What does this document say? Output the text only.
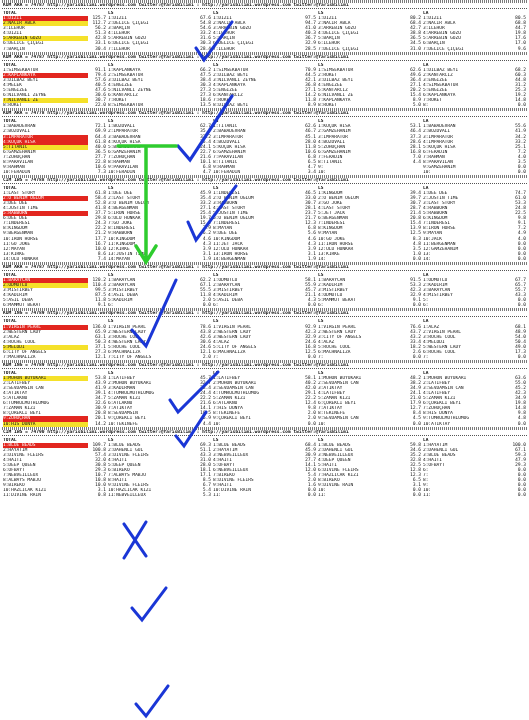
KUM ARA = 74787 http://yarisbilimi.wordpress.com twitter:@YarisBilimi : http://yarisbilimi.wordpress.com twitter:@YarisBilimi
TOTAL
1:DIZII	125.7
2:NACIR ABLA	112.7
3:ILEHUR	56.2
4:DIZII	51.3
5:ARREBIN GÖZÜ	42.8
6:DELICE ÇİÇEĞİ	33.1
7:BARÇIN	30.4
LS
1:DIZII	67.6
2:DELİCE ÇİÇEĞİ	54.8
3:BARÇIN	54.6
4:ILEHUR	33.2
5:ARREBIN GÖZÜ	31.6
6:DELICE ÇİÇEĞİ	30.3
7:ILEHUR	28.4
LS
1:DIZII	97.5
2:NACIR ABLA	94.7
3:ARREBIN GÖZÜ	41.0
4:ILEHUR	40.3
5:BARÇIN	36.7
6:DELİCE ÇİÇEĞİ	32.9
7:ILEHUR	28.5
LS
1:DIZII	80.2
2:NACIR ABLA	68.4
3:ARREBIN GÖZÜ	42.7
4:DELİCE ÇİÇEĞİ	38.8
5:BARÇIN	36.5
6:ILEHUR	34.5
7:DELİCE ÇİÇEĞİ	31.0
LA
1:DIZII	80.5
2:NACIR ABLA	68.8
3:ILEHUR	44.7
4:ARREBIN GÖZÜ	19.8
5:ARREBIN GÖZÜ	17.6
6:BARÇIN	17.0
7:DELİCE ÇİÇEĞİ	9.6
KUM ARA = 74787 http://yarisbilimi.wordpress.com twitter:@YarisBilimi : http://yarisbilimi.wordpress.com twitter:@YarisBilimi
TOTAL
1:SIMSEKBATUR	91.1
2:KAPLANKAYA	79.4
3:DILBAZ BEYI	57.6
4:MELEK	40.5
5:ENGIZEE	47.6
6:NILVANLI ZEYNE	30.6
7:NILVANLI ZE	30.7
8:ROKET	22.0
LS
1:KAPLANKAYA	66.2
2:SIMSEKBATUR	47.5
3:DILBAZ BEYI	38.4
4:ENGIZEE	30.3
5:NILVANLI ZEYNE	27.3
6:KANTARCIZ	27.3
7:ROKET	18.6
8:SIMSEKBATUR	13.5
LS
1:SIMSEKBATUR	70.9
2:DILBAZ BEYI	44.5
3:NILVANLI ZEYNE	42.1
4:KAPLANKAYA	36.8
5:ENGIZEE	27.1
6:KANTARCIZ	14.2
7:ROKET	11.8
8:DILBAZ BEYI	8.9
LS
1:SIMSEKBATUR	62.6
2:ROKET	49.6
3:DILBAZ BEYI	36.4
4:ENGIZEE	27.1
5:KANTARCIZ	20.2
6:NILVANLI ZE	15.4
7:KAPLANKAYA	8.9
8:ROKET	5.0
LA
1:DILBAZ BEYI	68.2
2:KANTARCIZ	60.3
3:ENGIZEE	44.8
4:SIMSEKBATUR	31.2
5:ENGIZEE	25.3
6:KAPLANKAYA	19.2
7:ROKET	14.8
8:	0.0
KUM ARA = 74778 http://yarisbilimi.wordpress.com twitter:@YarisBilimi : http://yarisbilimi.wordpress.com twitter:@YarisBilimi
TOTAL
1:BABADEVRAN	72.1
2:BOZOVALI	69.9
3:IMPARATOR	64.4
4:KÜÇÜK HİSA	61.8
5:TITANIC	40.0
6:GAMZEHANIM	36.5
7:ZUHUÇHAN	27.7
8:PARAVILAN	22.8
9:RAHMAN	10.6
10:FERADIN	7.3
LS
1:BOZOVALI	62.7
2:IMPARATOR	35.2
3:BABADEVRAN	32.2
4:KÜÇÜK HİSA	25.4
5:BABADEVRAN	24.1
6:GAMZEHANIM	22.7
7:ZUHUÇHAN	21.6
8:RAHMAN	10.1
9:PARAVILAN	6.8
10:FERADIN	4.7
LS
1:TITANIC	62.6
2:BABADEVRAN	46.7
3:IMPARATOR	45.1
4:BOZOVALI	28.0
5:KÜÇÜK HİSA	11.8
6:GAMZEHANIM	10.6
7:PARAVILAN	6.8
8:TITANIC	6.5
9:RAHMAN	4.7
10:FERADIN	3.4
LS
1:KÜÇÜK HİSA	53.1
2:GAMZEHANIM	46.4
3:IMPARATOR	37.3
4:BOZOVALI	28.6
5:ZUHUÇHAN	28.1
6:GAMZEHANIM	16.8
7:FERADIN	7.0
8:TITANIC	4.4
9:
10:
LA
1:BABADEVRAN	55.6
2:BOZOVALI	41.9
3:IMPARATOR	34.2
4:IMPARATOR	33.2
5:KÜÇÜK HİSA	25.1
6:FERADIN	7.2
7:RAHMAN	4.0
8:PARAVILAN	3.5
9:GAMZEHANIM	0.0
10:	0.0
CIM IWS = 74788 http://yarisbilimi.wordpress.com twitter:@YarisBilimi : http://yarisbilimi.wordpress.com twitter:@YarisBilimi
TOTAL
1:LAST STORY	61.8
2:O BENIM OGLUM	58.4
3:DEE DEE	52.8
4:JUSTIN TIME	41.8
5:RABBORN	37.7
6:DEE DEE	29.8
7:INDERESI	24.3
8:KINGDOM	22.2
9:BERGENMAN	21.2
10:IRON HORSE	17.7
11:GO JOKE	16.7
12:MAYAN	10.0
13:KIRKE	8.6
14:ULU HÜNKAR	7.4
LS
1:DEE DEE	45.9
2:LAST STORY	35.4
3:O BENIM OGLUM	33.2
4:BERGENMAN	27.1
5:IRON HORSE	25.4
6:ULU HÜNKAR	19.7
7:GO JOKE	15.0
8:INDERESI	7.9
9:RABBORN	6.2
10:KINGDOM	4.6
11:KINGDOM	4.3
12:KIRKE	3.9
13:JUSTIN TIME	3.1
14:MAYAN	1.9
LS
1:INDERESI	46.5
2:O BENIM OGLUM	33.0
3:RABBORN	30.7
4:LAST STORY	28.1
5:JUSTIN TIME	23.7
6:O BENIM OGLUM	21.7
7:INDERESI	12.3
8:MAYAN	6.8
9:DEE DEE	5.6
10:KINGDOM	4.6
11:JET JACK	4.3
12:ULU HÜNKAR	3.9
13:IRON HORSE	3.1
14:BERGENMAN	1.9
LS
1:KINGDOM	39.4
2:O BENIM OGLUM	39.7
3:GO JOKE	30.7
4:LAST STORY	28.7
5:JET JACK	21.4
6:BERGENMAN	20.8
7:INDERESI	15.4
8:KINGDOM	13.9
9:MAYAN	12.5
10:GO JOKE	8.3
11:IRON HORSE	4.8
12:ULU HÜNKAR	3.5
13:KIRKE	1.0
14:	0.0
LA
1:DEE DEE	74.7
2:JUSTIN TIME	61.0
3:LAST STORY	53.3
4:RABBORN	24.8
5:RABBORN	22.5
6:KINGDOM	9.8
7:INDERESI	9.1
8:IRON HORSE	7.2
9:MAYAN	4.9
10:JACK	4.0
11:BERGENMAN	0.0
12:GAMZEHANIM	0.0
13:	0.0
14:	0.0
KUM ARA = 74787 http://yarisbilimi.wordpress.com twitter:@YarisBilimi : http://yarisbilimi.wordpress.com twitter:@YarisBilimi
TOTAL
1:BARAYCAN	120.2
2:ÖDMÜTLU	110.4
3:MISTIRBEY	99.5
4:KADIRIM	87.5
5:ASIL DEBA	11.8
6:MAMMUT BERAT	9.1
LS
1:BARAYCAN	62.2
2:BARAYCAN	67.1
3:MISTIRBEY	55.5
4:ASIL DEBA	11.8
5:KADIRIM	2.0
6:	0.0
LS
1:ÖDMÜTLU	58.1
2:BARAYCAN	55.9
3:MISTIRBEY	45.7
4:KADIRIM	21.1
5:ASIL DEBA	4.3
6:	0.0
LS
1:BARAYCAN	91.5
2:KADIRIM	53.3
3:MISTIRBEY	42.3
4:ÖDMÜTLU	32.9
5:MAMMUT BERAT	9.1
6:	0.0
LA
1:ÖDMÜTLU	67.7
2:KADIRIM	65.7
3:BARAYCAN	55.7
4:MISTIRBEY	43.3
5:	0.0
6:	0.0
KUM ING = 74789 http://yarisbilimi.wordpress.com twitter:@YarisBilimi : http://yarisbilimi.wordpress.com twitter:@YarisBilimi
TOTAL
1:VIRGIN PEARL	136.0
2:WESTERN LADY	65.9
3:ALAZ	63.1
4:ROCHE COOL	50.3
5:MELODI	37.1
6:CITY OF ANGELS	27.3
7:MACHNALIZA	12.1
LS
1:VIRGIN PEARL	78.6
2:WESTERN LADY	43.8
3:ROCHE COOL	42.6
4:WESTERN LADY	30.6
5:ROCHE COOL	24.6
6:MACHNALIZA	12.1
7:CITY OF ANGELS	2.0
LS
1:VIRGIN PEARL	92.9
2:WESTERN LADY	42.3
3:WESTERN LADY	32.9
4:ALAZ	24.6
5:CITY OF ANGELS	16.8
6:MACHNALIZA	12.5
7:	0.0
LS
1:VIRGIN PEARL	76.6
2:WESTERN LADY	43.7
3:CITY OF ANGELS	43.2
4:ALAZ	33.4
5:ROCHE COOL	18.2
6:MACHNALIZA	2.6
7:	0.0
LA
1:ALAZ	68.1
2:VIRGIN PEARL	48.9
3:ROCHE COOL	54.0
4:MELODI	50.4
5:WESTERN LADY	49.0
6:ROCHE COOL	17.3
7:	0.0
KUM ING = 74789 http://yarisbilimi.wordpress.com twitter:@YarisBilimi : http://yarisbilimi.wordpress.com twitter:@YarisBilimi
TOTAL
1:MUHON BÜYÜKARI	53.8
2:LATIFBEY	43.9
3:SEVDAMSIN CAN	41.9
4:ATIKTAY	39.1
5:ATLAKNU	34.7
6:TUMRULMUTHLUMOG	32.6
7:ZAMAN KIZI	30.9
8:ÇÖREKLI BEYI	20.8
9:ZUHUÇHAN	20.1
10:HİS DÜNYA	14.2
LS
1:LATIFBEY	45.7
2:MUHON BÜYÜKARI	32.7
3:KADIRMAN	28.4
4:TUMRULMUTHLUMOG	24.4
5:ZAMAN KIZI	22.2
6:ATLAKNU	21.6
7:ATIKTAY	14.1
8:SEVDAMSIN	10.5
9:ÇÖREKLI BEYI	6.9
10:TEKINEFE	4.4
LS
1:LATIFBEY	58.1
2:MUHON BÜYÜKARI	40.2
3:SEVDAMSIN CAN	42.0
4:TUMRULMUTHLUMOG	29.1
5:ZAMAN KIZI	22.2
6:ATLAKNU	12.4
7:HİS DÜNYA	9.8
8:TEKINEFE	2.0
9:ÇÖREKLI BEYI	2.0
10:	0.0
LS
1:MUHON BÜYÜKARI	48.2
2:SEVDAMSIN CAN	38.2
3:ATIKTAY	34.9
4:LATIFBEY	24.1
5:ZAMAN KIZI	21.0
6:ÇÖREKLI BEYI	17.9
7:ATIKTAY	12.7
8:TEKINEFE	8.4
9:SEVDAMSIN CAN	4.5
10:	0.0
LA
1:MUHON BÜYÜKARI	63.6
2:LATIFBEY	55.0
3:SEVDAMSIN CAN	45.2
4:LATIFBEY	42.3
5:ZAMAN KIZI	34.9
6:ÇÖREKLI BEYI	19.8
7:ZUHUÇHAN	14.8
8:HİS DÜNYA	9.8
9:TUMRULMUTHLUMOG	4.8
10:ATIKTAY	0.0
CIM IWS = 74790 http://yarisbilimi.wordpress.com twitter:@YarisBilimi : http://yarisbilimi.wordpress.com twitter:@YarisBilimi
TOTAL
1:BLUE BEADS	109.7
2:HAYATIM	100.8
3:DIVINE FLEIRS	57.4
4:HAİTI	32.0
5:DEEP QUEEN	30.8
6:OFBAYT	29.3
7:NEBVEILLEUX	10.7
8:ALWAYS MABJU	10.8
9:BIREKO	10.0
10:HAZLICAK KIZI	3.1
11:DIVINE RAIN	0.8
LS
1:BLUE BEADS	69.3
2:DAHENLI GÜL	51.1
3:DIVINE FLEIRS	43.3
4:HAİTI	31.0
5:DEEP QUEEN	28.0
6:BIREKO	18.1
7:ALWAYS MABJU	17.1
8:HAİTI	8.5
9:DIVINE FLEIRS	6.7
10:HAZLICAK KIZI	5.4
11:NEBVEILLEUX	5.3
LS
1:BLUE BEADS	68.4
2:HAYATIM	45.9
3:NEBVEILLEUX	30.9
4:HAİTI	27.7
5:OFBAYT	14.1
6:NEBVEILLEUX	12.0
7:BIREKO	5.4
8:DIVINE FLEIRS	2.0
9:HAİTI	1.6
10:DIVINE RAIN	0.0
11:	0.0
LS
1:BLUE BEADS	59.8
2:DAHENLI GÜL	34.6
3:NEBVEILLEUX	35.2
4:DEEP QUEEN	32.8
5:HAİTI	32.5
6:DIVINE FLEIRS	12.8
7:HAZLICAK KIZI	12.3
8:BIREKO	6.5
9:DIVINE RAIN	3.1
10:	0.0
11:	0.0
LA
1:HAYATIM	100.0
2:DAHENLI GÜL	67.1
3:BLUE BEADS	59.3
4:HAİTI	47.9
5:OFBAYT	29.3
6:	0.0
7:	0.0
8:	0.0
9:	0.0
10:	0.0
11:	0.0
